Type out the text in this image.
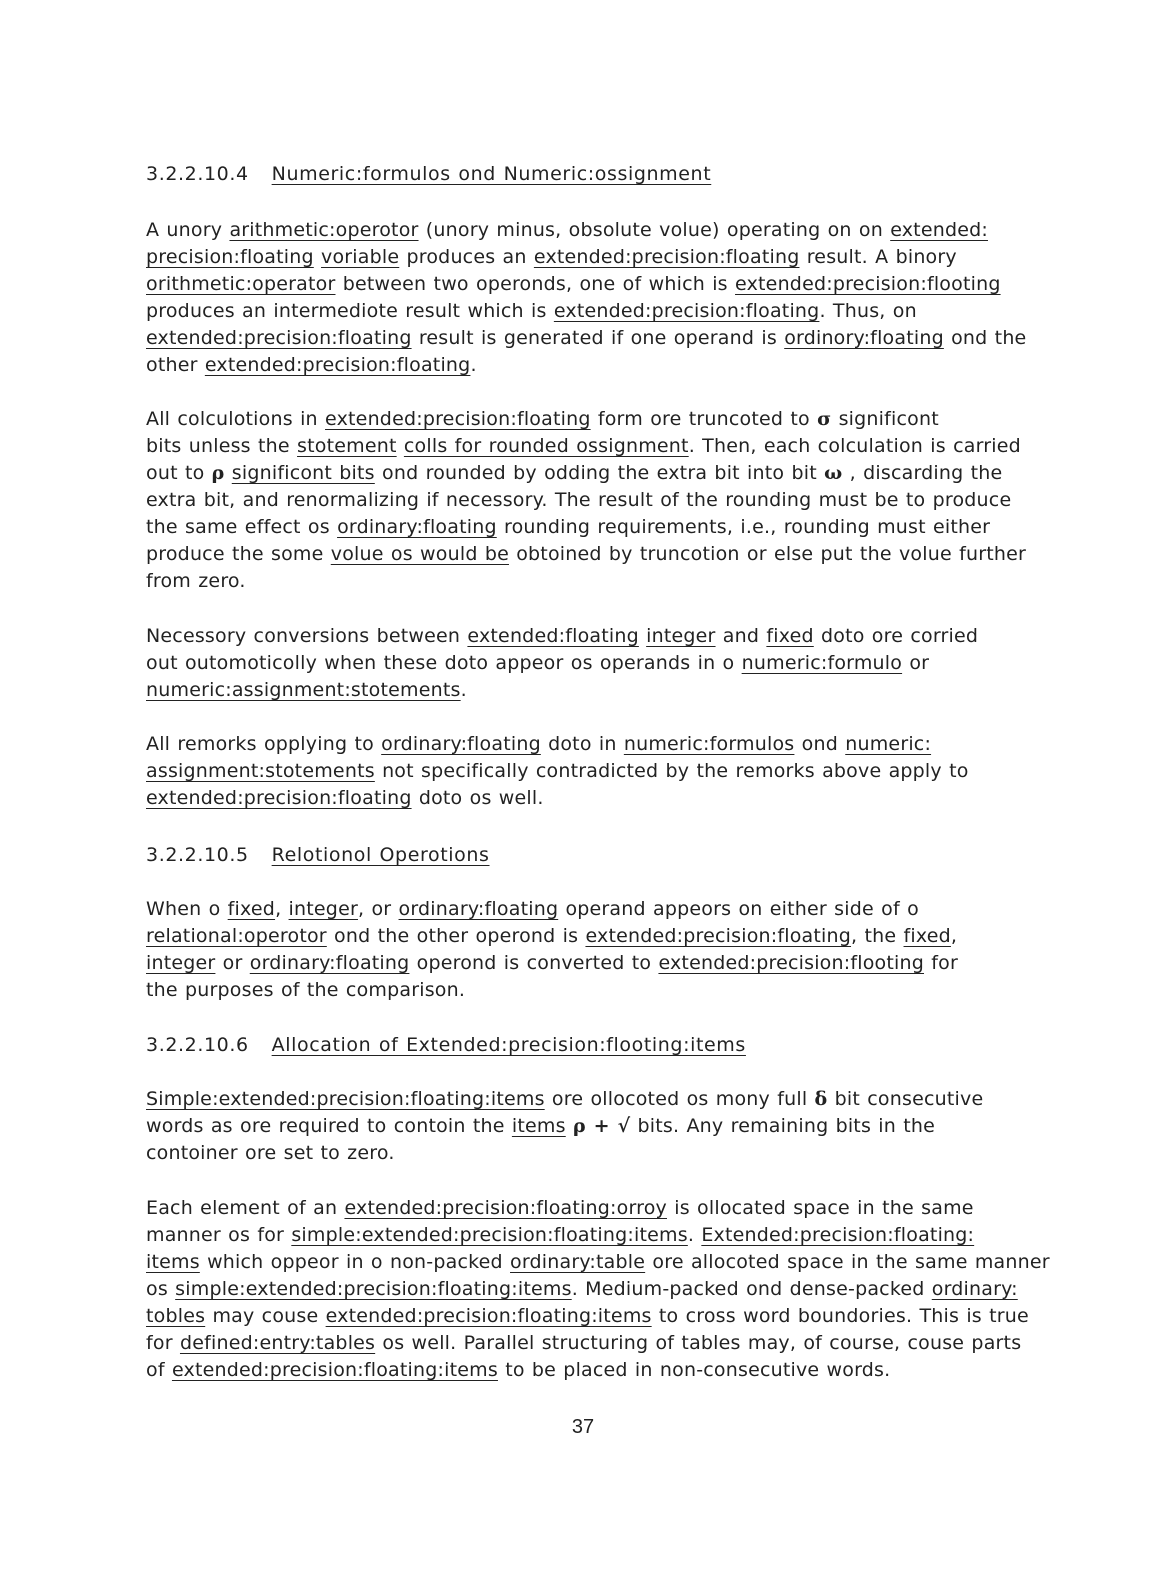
3.2.2.10.4 Numeric:formulos ond Numeric:ossignment
A unory arithmetic:operotor (unory minus, obsolute volue) operating on on extended:
precision:floating voriable produces an extended:precision:floating result. A binory
orithmetic:operator between two operonds, one of which is extended:precision:flooting
produces an intermediote result which is extended:precision:floating. Thus, on
extended:precision:floating result is generated if one operand is ordinory:floating ond the
other extended:precision:floating.
All colculotions in extended:precision:floating form ore truncoted to σ significont
bits unless the stotement colls for rounded ossignment. Then, each colculation is carried
out to ρ significont bits ond rounded by odding the extra bit into bit ω , discarding the
extra bit, and renormalizing if necessory. The result of the rounding must be to produce
the same effect os ordinary:floating rounding requirements, i.e., rounding must either
produce the some volue os would be obtoined by truncotion or else put the volue further
from zero.
Necessory conversions between extended:floating integer and fixed doto ore corried
out outomoticolly when these doto appeor os operands in o numeric:formulo or
numeric:assignment:stotements.
All remorks opplying to ordinary:floating doto in numeric:formulos ond numeric:
assignment:stotements not specifically contradicted by the remorks above apply to
extended:precision:floating doto os well.
3.2.2.10.5 Relotionol Operotions
When o fixed, integer, or ordinary:floating operand appeors on either side of o
relational:operotor ond the other operond is extended:precision:floating, the fixed,
integer or ordinary:floating operond is converted to extended:precision:flooting for
the purposes of the comparison.
3.2.2.10.6 Allocation of Extended:precision:flooting:items
Simple:extended:precision:floating:items ore ollocoted os mony full δ bit consecutive
words as ore required to contoin the items ρ + √ bits. Any remaining bits in the
contoiner ore set to zero.
Each element of an extended:precision:floating:orroy is ollocated space in the same
manner os for simple:extended:precision:floating:items. Extended:precision:floating:
items which oppeor in o non-packed ordinary:table ore allocoted space in the same manner
os simple:extended:precision:floating:items. Medium-packed ond dense-packed ordinary:
tobles may couse extended:precision:floating:items to cross word boundories. This is true
for defined:entry:tables os well. Parallel structuring of tables may, of course, couse parts
of extended:precision:floating:items to be placed in non-consecutive words.
37
